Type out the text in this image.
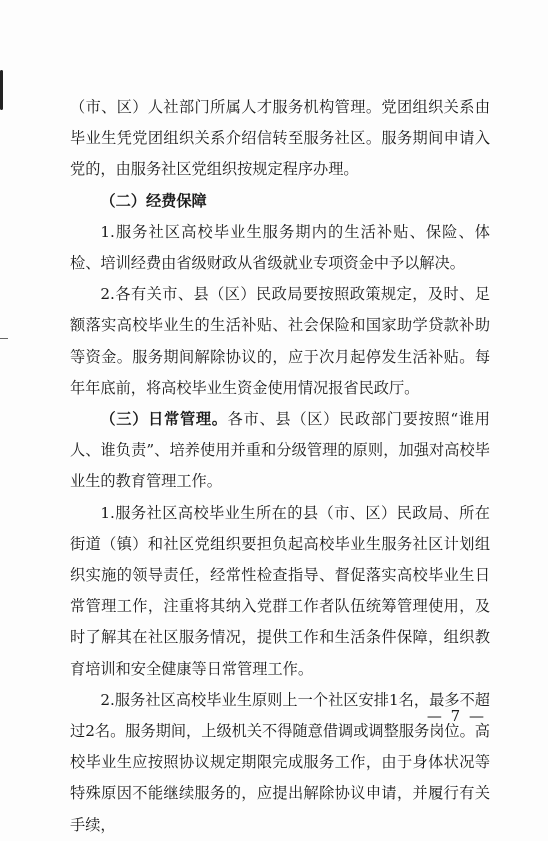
（市、区）人社部门所属人才服务机构管理。党团组织关系由毕业生凭党团组织关系介绍信转至服务社区。服务期间申请入党的，由服务社区党组织按规定程序办理。

（二）经费保障

1.服务社区高校毕业生服务期内的生活补贴、保险、体检、培训经费由省级财政从省级就业专项资金中予以解决。

2.各有关市、县（区）民政局要按照政策规定，及时、足额落实高校毕业生的生活补贴、社会保险和国家助学贷款补助等资金。服务期间解除协议的，应于次月起停发生活补贴。每年年底前，将高校毕业生资金使用情况报省民政厅。

（三）日常管理。各市、县（区）民政部门要按照“谁用人、谁负责”、培养使用并重和分级管理的原则，加强对高校毕业生的教育管理工作。

1.服务社区高校毕业生所在的县（市、区）民政局、所在街道（镇）和社区党组织要担负起高校毕业生服务社区计划组织实施的领导责任，经常性检查指导、督促落实高校毕业生日常管理工作，注重将其纳入党群工作者队伍统筹管理使用，及时了解其在社区服务情况，提供工作和生活条件保障，组织教育培训和安全健康等日常管理工作。

2.服务社区高校毕业生原则上一个社区安排1名，最多不超过2名。服务期间，上级机关不得随意借调或调整服务岗位。高校毕业生应按照协议规定期限完成服务工作，由于身体状况等特殊原因不能继续服务的，应提出解除协议申请，并履行有关手续，

— 7 —
